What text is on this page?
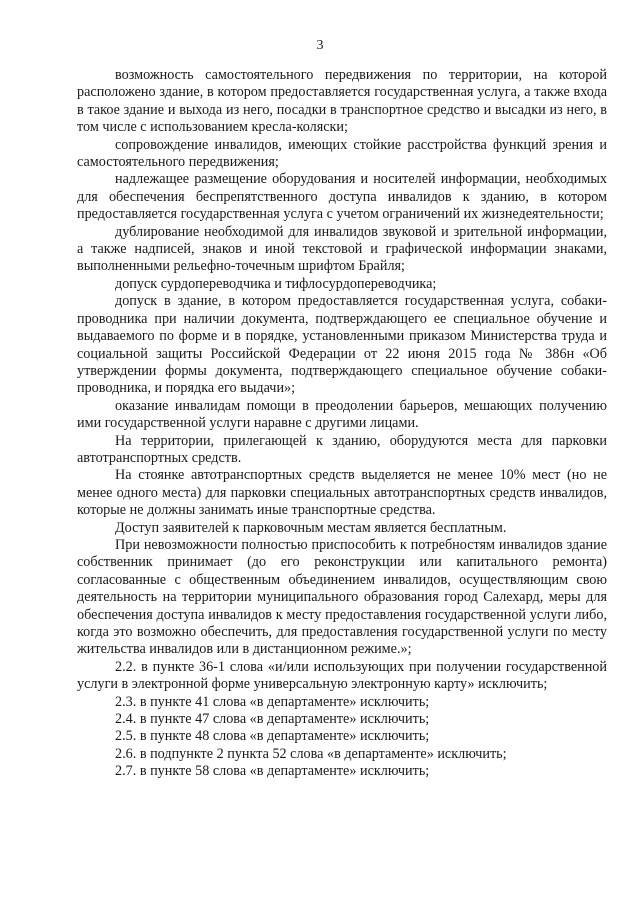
3

возможность самостоятельного передвижения по территории, на которой расположено здание, в котором предоставляется государственная услуга, а также входа в такое здание и выхода из него, посадки в транспортное средство и высадки из него, в том числе с использованием кресла-коляски;

сопровождение инвалидов, имеющих стойкие расстройства функций зрения и самостоятельного передвижения;

надлежащее размещение оборудования и носителей информации, необходимых для обеспечения беспрепятственного доступа инвалидов к зданию, в котором предоставляется государственная услуга с учетом ограничений их жизнедеятельности;

дублирование необходимой для инвалидов звуковой и зрительной информации, а также надписей, знаков и иной текстовой и графической информации знаками, выполненными рельефно-точечным шрифтом Брайля;

допуск сурдопереводчика и тифлосурдопереводчика;

допуск в здание, в котором предоставляется государственная услуга, собаки-проводника при наличии документа, подтверждающего ее специальное обучение и выдаваемого по форме и в порядке, установленными приказом Министерства труда и социальной защиты Российской Федерации от 22 июня 2015 года № 386н «Об утверждении формы документа, подтверждающего специальное обучение собаки-проводника, и порядка его выдачи»;

оказание инвалидам помощи в преодолении барьеров, мешающих получению ими государственной услуги наравне с другими лицами.

На территории, прилегающей к зданию, оборудуются места для парковки автотранспортных средств.

На стоянке автотранспортных средств выделяется не менее 10% мест (но не менее одного места) для парковки специальных автотранспортных средств инвалидов, которые не должны занимать иные транспортные средства.

Доступ заявителей к парковочным местам является бесплатным.

При невозможности полностью приспособить к потребностям инвалидов здание собственник принимает (до его реконструкции или капитального ремонта) согласованные с общественным объединением инвалидов, осуществляющим свою деятельность на территории муниципального образования город Салехард, меры для обеспечения доступа инвалидов к месту предоставления государственной услуги либо, когда это возможно обеспечить, для предоставления государственной услуги по месту жительства инвалидов или в дистанционном режиме.»;

2.2. в пункте 36-1 слова «и/или использующих при получении государственной услуги в электронной форме универсальную электронную карту» исключить;

2.3. в пункте 41 слова «в департаменте» исключить;

2.4. в пункте 47 слова «в департаменте» исключить;

2.5. в пункте 48 слова «в департаменте» исключить;

2.6. в подпункте 2 пункта 52 слова «в департаменте» исключить;

2.7. в пункте 58 слова «в департаменте» исключить;
